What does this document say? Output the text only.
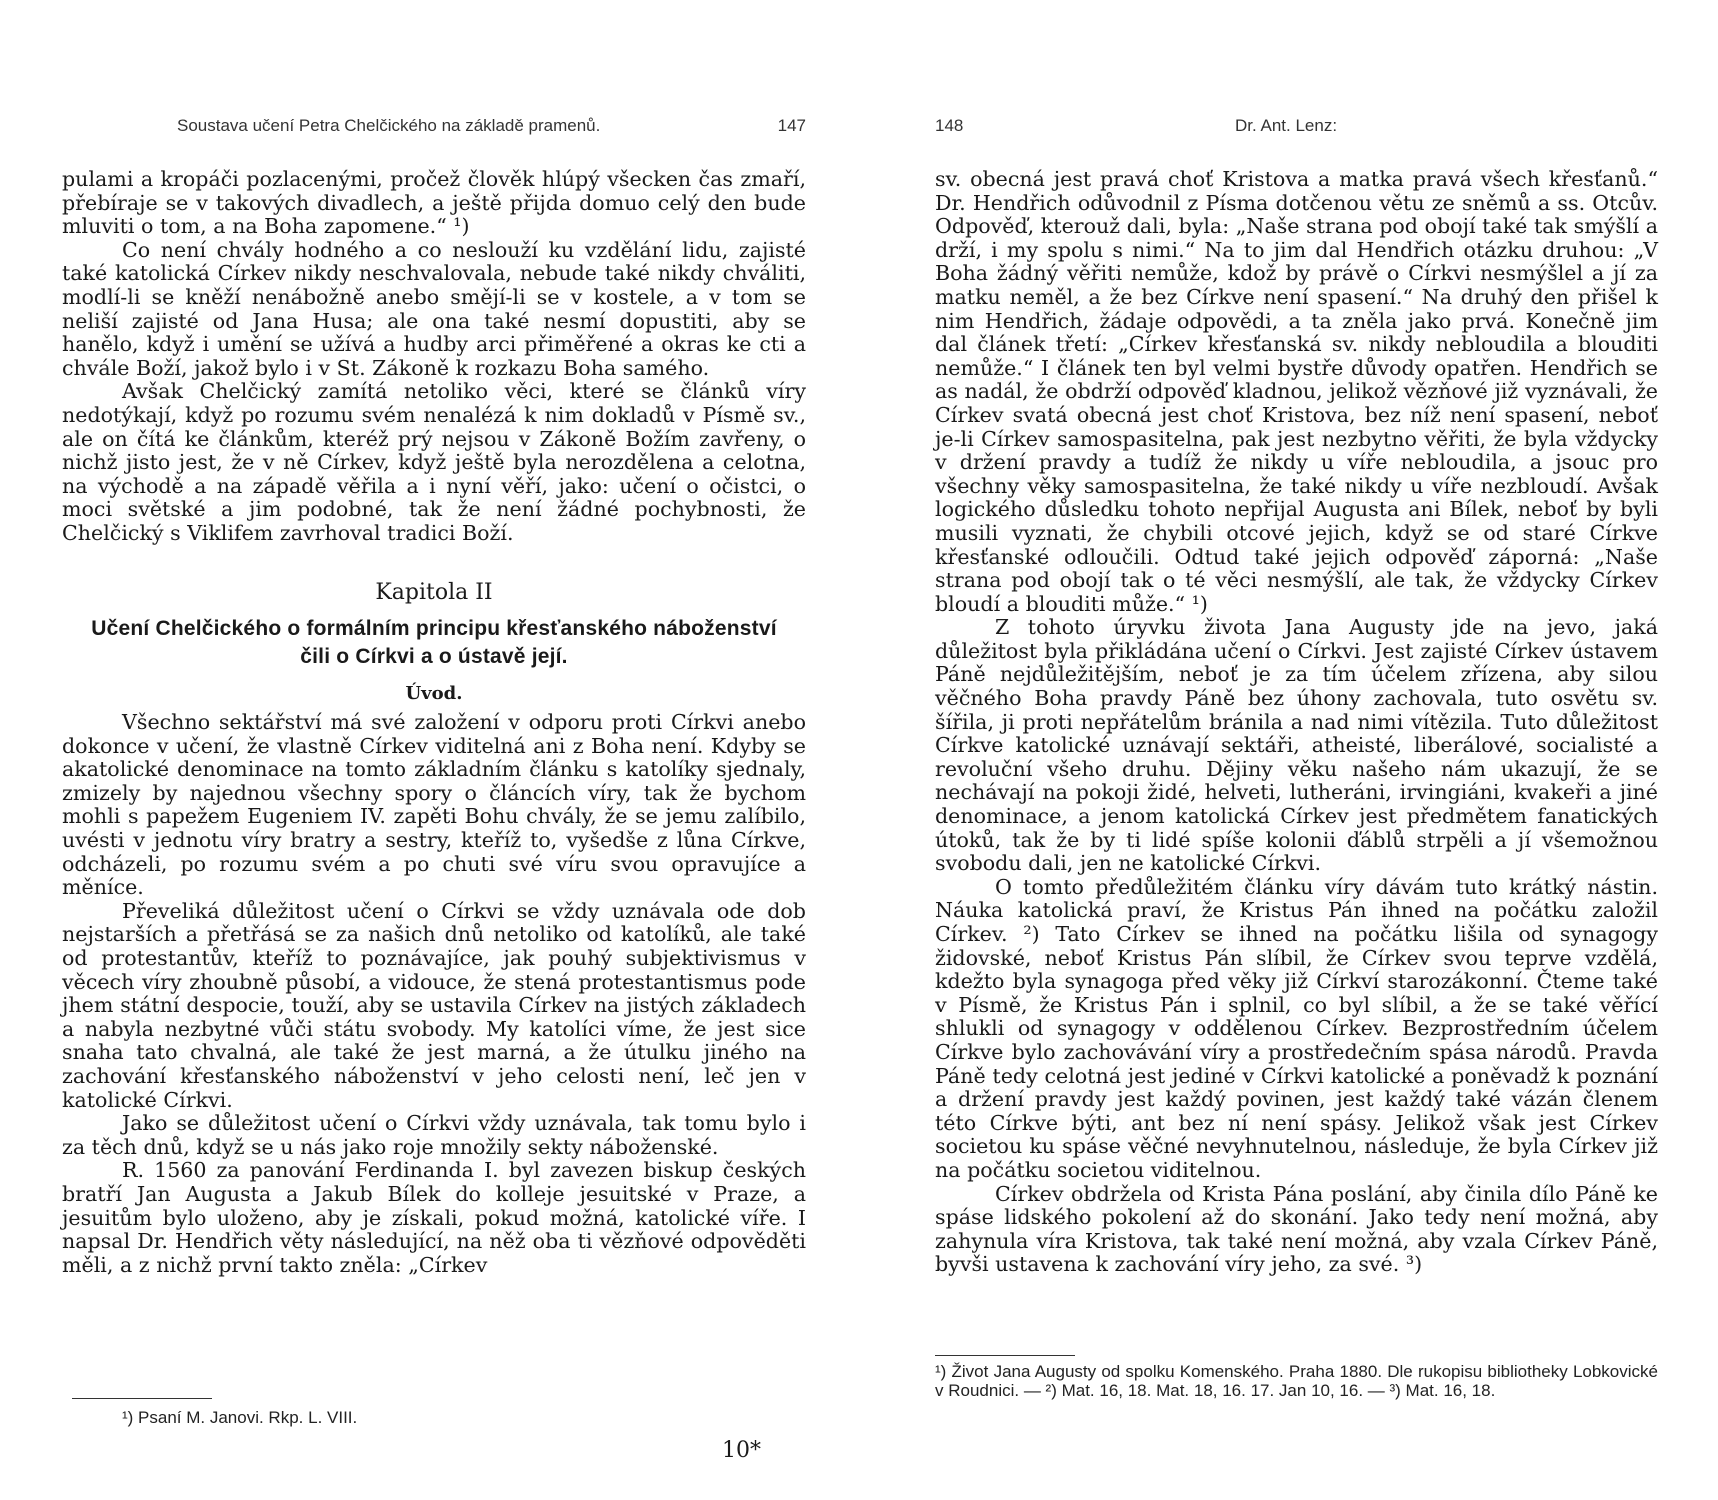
Soustava učení Petra Chelčického na základě pramenů.	147

pulami a kropáči pozlacenými, pročež člověk hlúpý všecken čas zmaří, přebíraje se v takových divadlech, a ještě přijda domuo celý den bude mluviti o tom, a na Boha zapomene.“ ¹)

Co není chvály hodného a co neslouží ku vzdělání lidu, zajisté také katolická Církev nikdy neschvalovala, nebude také nikdy chváliti, modlí-li se kněží nenábožně anebo smějí-li se v kostele, a v tom se neliší zajisté od Jana Husa; ale ona také nesmí dopustiti, aby se hanělo, když i umění se užívá a hudby arci přiměřené a okras ke cti a chvále Boží, jakož bylo i v St. Zákoně k rozkazu Boha samého.

Avšak Chelčický zamítá netoliko věci, které se článků víry nedotýkají, když po rozumu svém nenalézá k nim dokladů v Písmě sv., ale on čítá ke článkům, kteréž prý nejsou v Zákoně Božím zavřeny, o nichž jisto jest, že v ně Církev, když ještě byla nerozdělena a celotna, na východě a na západě věřila a i nyní věří, jako: učení o očistci, o moci světské a jim podobné, tak že není žádné pochybnosti, že Chelčický s Viklifem zavrhoval tradici Boží.

Kapitola II
Učení Chelčického o formálním principu křesťanského náboženství
čili o Církvi a o ústavě její.
Úvod.

Všechno sektářství má své založení v odporu proti Církvi anebo dokonce v učení, že vlastně Církev viditelná ani z Boha není. Kdyby se akatolické denominace na tomto základním článku s katolíky sjednaly, zmizely by najednou všechny spory o článcích víry, tak že bychom mohli s papežem Eugeniem IV. zapěti Bohu chvály, že se jemu zalíbilo, uvésti v jednotu víry bratry a sestry, kteříž to, vyšedše z lůna Církve, odcházeli, po rozumu svém a po chuti své víru svou opravujíce a měníce.

Převeliká důležitost učení o Církvi se vždy uznávala ode dob nejstarších a přetřásá se za našich dnů netoliko od katolíků, ale také od protestantův, kteříž to poznávajíce, jak pouhý subjektivismus v věcech víry zhoubně působí, a vidouce, že stená protestantismus pode jhem státní despocie, touží, aby se ustavila Církev na jistých základech a nabyla nezbytné vůči státu svobody. My katolíci víme, že jest sice snaha tato chvalná, ale také že jest marná, a že útulku jiného na zachování křesťanského náboženství v jeho celosti není, leč jen v katolické Církvi.

Jako se důležitost učení o Církvi vždy uznávala, tak tomu bylo i za těch dnů, když se u nás jako roje množily sekty náboženské.

R. 1560 za panování Ferdinanda I. byl zavezen biskup českých bratří Jan Augusta a Jakub Bílek do kolleje jesuitské v Praze, a jesuitům bylo uloženo, aby je získali, pokud možná, katolické víře. I napsal Dr. Hendřich věty následující, na něž oba ti vězňové odpověděti měli, a z nichž první takto zněla: „Církev

¹) Psaní M. Janovi. Rkp. L. VIII.
10*
148	Dr. Ant. Lenz:

sv. obecná jest pravá choť Kristova a matka pravá všech křesťanů.“ Dr. Hendřich odůvodnil z Písma dotčenou větu ze sněmů a ss. Otcův. Odpověď, kterouž dali, byla: „Naše strana pod obojí také tak smýšlí a drží, i my spolu s nimi.“ Na to jim dal Hendřich otázku druhou: „V Boha žádný věřiti nemůže, kdož by právě o Církvi nesmýšlel a jí za matku neměl, a že bez Církve není spasení.“ Na druhý den přišel k nim Hendřich, žádaje odpovědi, a ta zněla jako prvá. Konečně jim dal článek třetí: „Církev křesťanská sv. nikdy nebloudila a blouditi nemůže.“ I článek ten byl velmi bystře důvody opatřen. Hendřich se as nadál, že obdrží odpověď kladnou, jelikož vězňové již vyznávali, že Církev svatá obecná jest choť Kristova, bez níž není spasení, neboť je-li Církev samospasitelna, pak jest nezbytno věřiti, že byla vždycky v držení pravdy a tudíž že nikdy u víře nebloudila, a jsouc pro všechny věky samospasitelna, že také nikdy u víře nezbloudí. Avšak logického důsledku tohoto nepřijal Augusta ani Bílek, neboť by byli musili vyznati, že chybili otcové jejich, když se od staré Církve křesťanské odloučili. Odtud také jejich odpověď záporná: „Naše strana pod obojí tak o té věci nesmýšlí, ale tak, že vždycky Církev bloudí a blouditi může.“ ¹)

Z tohoto úryvku života Jana Augusty jde na jevo, jaká důležitost byla přikládána učení o Církvi. Jest zajisté Církev ústavem Páně nejdůležitějším, neboť je za tím účelem zřízena, aby silou věčného Boha pravdy Páně bez úhony zachovala, tuto osvětu sv. šířila, ji proti nepřátelům bránila a nad nimi vítězila. Tuto důležitost Církve katolické uznávají sektáři, atheisté, liberálové, socialisté a revoluční všeho druhu. Dějiny věku našeho nám ukazují, že se nechávají na pokoji židé, helveti, lutheráni, irvingiáni, kvakeři a jiné denominace, a jenom katolická Církev jest předmětem fanatických útoků, tak že by ti lidé spíše kolonii ďáblů strpěli a jí všemožnou svobodu dali, jen ne katolické Církvi.

O tomto předůležitém článku víry dávám tuto krátký nástin. Náuka katolická praví, že Kristus Pán ihned na počátku založil Církev. ²) Tato Církev se ihned na počátku lišila od synagogy židovské, neboť Kristus Pán slíbil, že Církev svou teprve vzdělá, kdežto byla synagoga před věky již Církví starozákonní. Čteme také v Písmě, že Kristus Pán i splnil, co byl slíbil, a že se také věřící shlukli od synagogy v oddělenou Církev. Bezprostředním účelem Církve bylo zachovávání víry a prostředečním spása národů. Pravda Páně tedy celotná jest jediné v Církvi katolické a poněvadž k poznání a držení pravdy jest každý povinen, jest každý také vázán členem této Církve býti, ant bez ní není spásy. Jelikož však jest Církev societou ku spáse věčné nevyhnutelnou, následuje, že byla Církev již na počátku societou viditelnou.

Církev obdržela od Krista Pána poslání, aby činila dílo Páně ke spáse lidského pokolení až do skonání. Jako tedy není možná, aby zahynula víra Kristova, tak také není možná, aby vzala Církev Páně, byvši ustavena k zachování víry jeho, za své. ³)

¹) Život Jana Augusty od spolku Komenského. Praha 1880. Dle rukopisu bibliotheky Lobkovické v Roudnici. — ²) Mat. 16, 18. Mat. 18, 16. 17. Jan 10, 16. — ³) Mat. 16, 18.
